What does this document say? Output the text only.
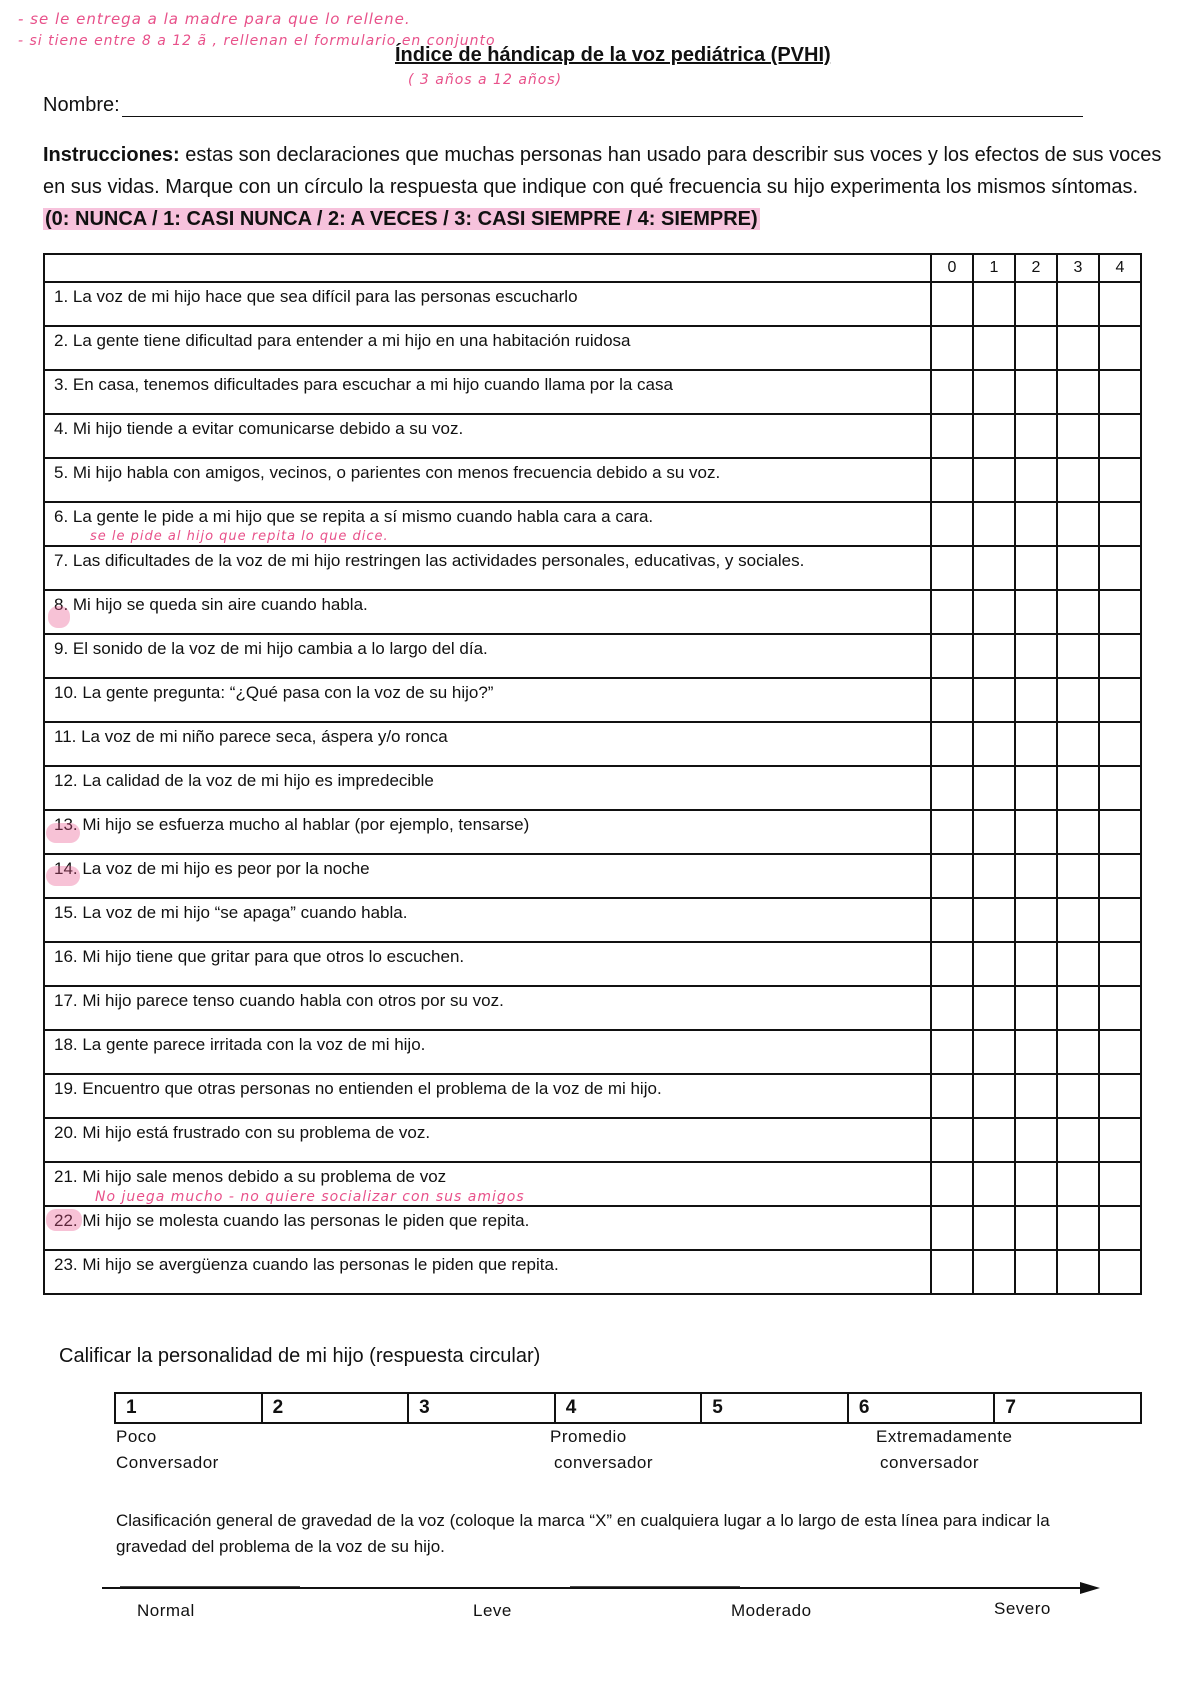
- se le entrega a la madre para que lo rellene.
- si tiene entre 8 a 12 ã , rellenan el formulario en conjunto
( 3 años a 12 años)
Índice de hándicap de la voz pediátrica (PVHI)
Nombre:
Instrucciones: estas son declaraciones que muchas personas han usado para describir sus voces y los efectos de sus voces en sus vidas. Marque con un círculo la respuesta que indique con qué frecuencia su hijo experimenta los mismos síntomas.  (0: NUNCA / 1: CASI NUNCA / 2: A VECES / 3: CASI SIEMPRE / 4: SIEMPRE)
	0	1	2	3	4
1. La voz de mi hijo hace que sea difícil para las personas escucharlo					
2. La gente tiene dificultad para entender a mi hijo en una habitación ruidosa					
3. En casa, tenemos dificultades para escuchar a mi hijo cuando llama por la casa					
4. Mi hijo tiende a evitar comunicarse debido a su voz.					
5. Mi hijo habla con amigos, vecinos, o parientes con menos frecuencia debido a su voz.					
6. La gente le pide a mi hijo que se repita a sí mismo cuando habla cara a cara.					
7. Las dificultades de la voz de mi hijo restringen las actividades personales, educativas, y sociales.					
8. Mi hijo se queda sin aire cuando habla.					
9. El sonido de la voz de mi hijo cambia a lo largo del día.					
10. La gente pregunta: “¿Qué pasa con la voz de su hijo?”					
11. La voz de mi niño parece seca, áspera y/o ronca					
12. La calidad de la voz de mi hijo es impredecible					
13. Mi hijo se esfuerza mucho al hablar (por ejemplo, tensarse)					
14. La voz de mi hijo es peor por la noche					
15. La voz de mi hijo “se apaga” cuando habla.					
16. Mi hijo tiene que gritar para que otros lo escuchen.					
17. Mi hijo parece tenso cuando habla con otros por su voz.					
18. La gente parece irritada con la voz de mi hijo.					
19. Encuentro que otras personas no entienden el problema de la voz de mi hijo.					
20. Mi hijo está frustrado con su problema de voz.					
21. Mi hijo sale menos debido a su problema de voz					
22. Mi hijo se molesta cuando las personas le piden que repita.					
23. Mi hijo se avergüenza cuando las personas le piden que repita.					
se le pide al hijo que repita lo que dice.
No juega mucho - no quiere socializar con sus amigos
Calificar la personalidad de mi hijo (respuesta circular)
1	2	3	4	5	6	7
Poco
Conversador
Promedio
conversador
Extremadamente
conversador
Clasificación general de gravedad de la voz (coloque la marca “X” en cualquiera lugar a lo largo de esta línea para indicar la gravedad del problema de la voz de su hijo.
Normal	Leve	Moderado	Severo
